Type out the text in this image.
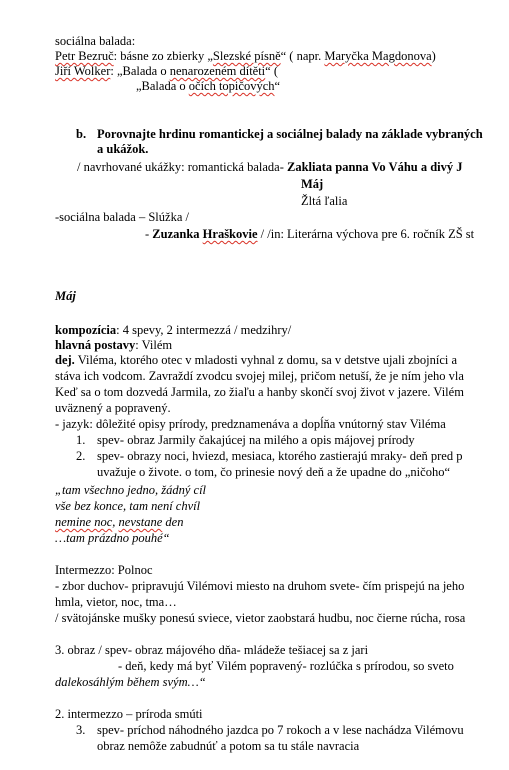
sociálna balada:
Petr Bezruč: básne zo zbierky „Slezské písně“ ( napr. Maryčka Magdonova)
Jiří Wolker: „Balada o nenarozeném dítěti“ (
„Balada o očích topičových“
b. Porovnajte hrdinu romantickej a sociálnej balady na základe vybraných
a ukážok.
/ navrhované ukážky: romantická balada- Zakliata panna Vo Váhu a divý J
Máj
Žltá ľalia
-sociálna balada – Slúžka /
- Zuzanka Hraškovie / /in: Literárna výchova pre 6. ročník ZŠ st
Máj
kompozícia: 4 spevy, 2 intermezzá / medzihry/
hlavná postavy: Vilém
dej. Viléma, ktorého otec v mladosti vyhnal z domu, sa v detstve ujali zbojníci a
stáva ich vodcom. Zavraždí zvodcu svojej milej, pričom netuší, že je ním jeho vla
Keď sa o tom dozvedá Jarmila, zo žiaľu a hanby skončí svoj život v jazere. Vilém
uväznený a popravený.
- jazyk: dôležité opisy prírody, predznamenáva a dopĺňa vnútorný stav Viléma
1. spev- obraz Jarmily čakajúcej na milého a opis májovej prírody
2. spev- obrazy noci, hviezd, mesiaca, ktorého zastierajú mraky- deň pred p
uvažuje o živote. o tom, čo prinesie nový deň a že upadne do „ničoho“
„tam všechno jedno, žádný cíl
vše bez konce, tam není chvíl
nemine noc, nevstane den
…tam prázdno pouhé“
Intermezzo: Polnoc
- zbor duchov- pripravujú Vilémovi miesto na druhom svete- čím prispejú na jeho
hmla, vietor, noc, tma…
/ svätojánske mušky ponesú sviece, vietor zaobstará hudbu, noc čierne rúcha, rosa
3. obraz / spev- obraz májového dňa- mládeže tešiacej sa z jari
- deň, kedy má byť Vilém popravený- rozlúčka s prírodou, so sveto
dalekosáhlým během svým…“
2. intermezzo – príroda smúti
3. spev- príchod náhodného jazdca po 7 rokoch a v lese nachádza Vilémovu
obraz nemôže zabudnúť a potom sa tu stále navracia
